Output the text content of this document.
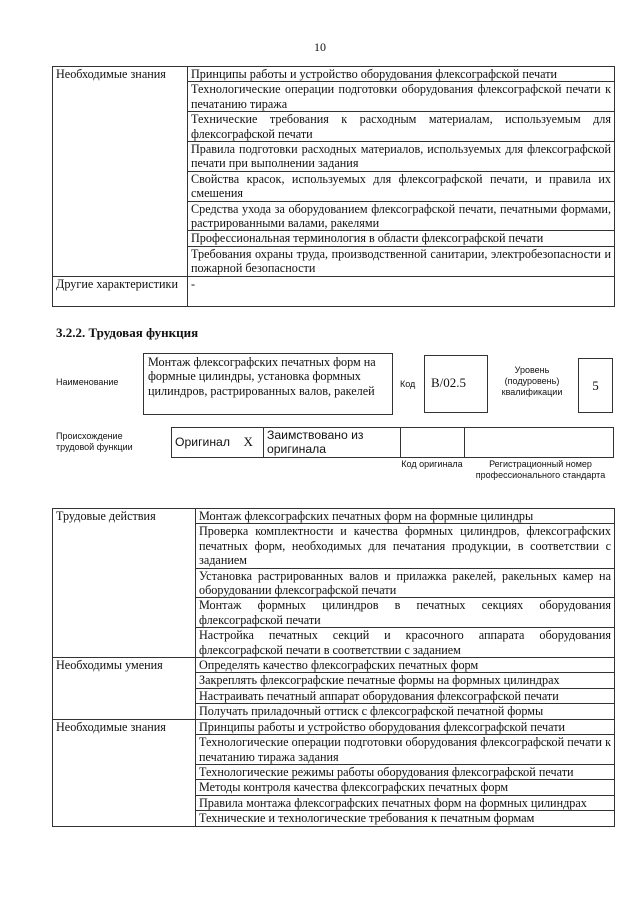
10
Необходимые знания	Принципы работы и устройство оборудования флексографской печати
	Технологические операции подготовки оборудования флексографской печати к печатанию тиража
	Технические требования к расходным материалам, используемым для флексографской печати
	Правила подготовки расходных материалов, используемых для флексографской печати при выполнении задания
	Свойства красок, используемых для флексографской печати, и правила их смешения
	Средства ухода за оборудованием флексографской печати, печатными формами, растрированными валами, ракелями
	Профессиональная терминология в области флексографской печати
	Требования охраны труда, производственной санитарии, электробезопасности и пожарной безопасности
Другие характеристики	-
3.2.2. Трудовая функция
Наименование
Монтаж флексографских печатных форм на формные цилиндры, установка формных цилиндров, растрированных валов, ракелей	Код	B/02.5
Уровень (подуровень) квалификации	5
Происхождение трудовой функции	Оригинал	X	Заимствовано из оригинала		
Код оригинала	Регистрационный номер профессионального стандарта
Трудовые действия	Монтаж флексографских печатных форм на формные цилиндры
	Проверка комплектности и качества формных цилиндров, флексографских печатных форм, необходимых для печатания продукции, в соответствии с заданием
	Установка растрированных валов и прилажка ракелей, ракельных камер на оборудовании флексографской печати
	Монтаж формных цилиндров в печатных секциях оборудования флексографской печати
	Настройка печатных секций и красочного аппарата оборудования флексографской печати в соответствии с заданием
Необходимы умения	Определять качество флексографских печатных форм
	Закреплять флексографские печатные формы на формных цилиндрах
	Настраивать печатный аппарат оборудования флексографской печати
	Получать приладочный оттиск с флексографской печатной формы
Необходимые знания	Принципы работы и устройство оборудования флексографской печати
	Технологические операции подготовки оборудования флексографской печати к печатанию тиража задания
	Технологические режимы работы оборудования флексографской печати
	Методы контроля качества флексографских печатных форм
	Правила монтажа флексографских печатных форм на формных цилиндрах
	Технические и технологические требования к печатным формам
